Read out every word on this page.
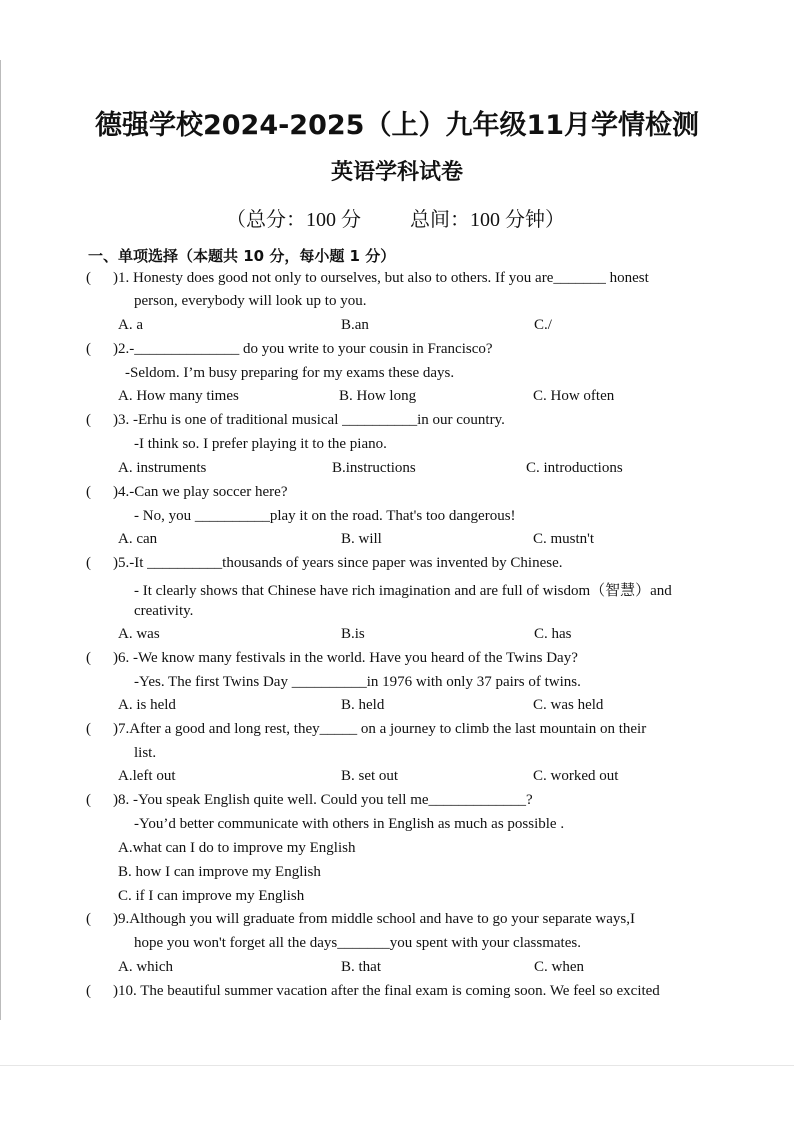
德强学校2024-2025（上）九年级11月学情检测
英语学科试卷
（总分：100 分 总间：100 分钟）
一、单项选择（本题共 10 分，每小题 1 分）
( )1. Honesty does good not only to ourselves, but also to others. If you are_______ honest
person, everybody will look up to you.
A. a	B.an	C./
( )2.-______________ do you write to your cousin in Francisco?
-Seldom. I’m busy preparing for my exams these days.
A. How many times	B. How long	C. How often
( )3. -Erhu is one of traditional musical __________in our country.
-I think so. I prefer playing it to the piano.
A. instruments	B.instructions	C. introductions
( )4.-Can we play soccer here?
- No, you __________play it on the road. That's too dangerous!
A. can	B. will	C. mustn't
( )5.-It __________thousands of years since paper was invented by Chinese.
- It clearly shows that Chinese have rich imagination and are full of wisdom（智慧）and
creativity.
A. was	B.is	C. has
( )6. -We know many festivals in the world. Have you heard of the Twins Day?
-Yes. The first Twins Day __________in 1976 with only 37 pairs of twins.
A. is held	B. held	C. was held
( )7.After a good and long rest, they_____ on a journey to climb the last mountain on their
list.
A.left out	B. set out	C. worked out
( )8. -You speak English quite well. Could you tell me_____________?
-You’d better communicate with others in English as much as possible .
A.what can I do to improve my English
B. how I can improve my English
C. if I can improve my English
( )9.Although you will graduate from middle school and have to go your separate ways,I
hope you won't forget all the days_______you spent with your classmates.
A. which	B. that	C. when
( )10. The beautiful summer vacation after the final exam is coming soon. We feel so excited
